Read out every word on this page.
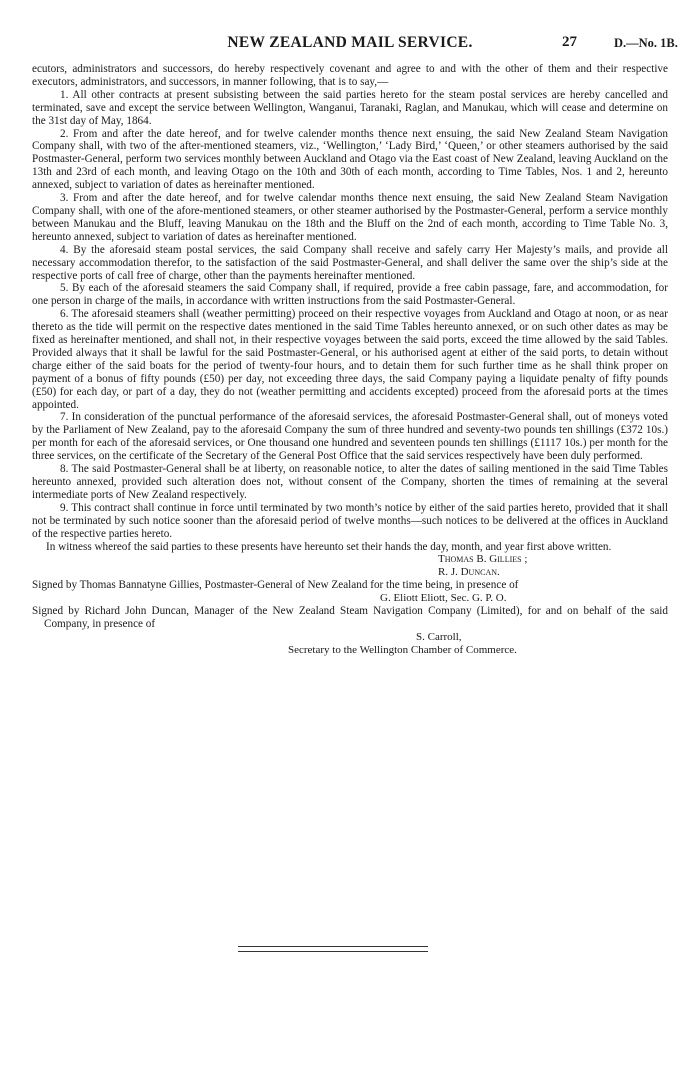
NEW ZEALAND MAIL SERVICE.	27	D.—No. 1B.

ecutors, administrators and successors, do hereby respectively covenant and agree to and with the other of them and their respective executors, administrators, and successors, in manner following, that is to say,—

1. All other contracts at present subsisting between the said parties hereto for the steam postal services are hereby cancelled and terminated, save and except the service between Wellington, Wanganui, Taranaki, Raglan, and Manukau, which will cease and determine on the 31st day of May, 1864.

2. From and after the date hereof, and for twelve calender months thence next ensuing, the said New Zealand Steam Navigation Company shall, with two of the after-mentioned steamers, viz., ‘Wellington,’ ‘Lady Bird,’ ‘Queen,’ or other steamers authorised by the said Postmaster-General, perform two services monthly between Auckland and Otago via the East coast of New Zealand, leaving Auckland on the 13th and 23rd of each month, and leaving Otago on the 10th and 30th of each month, according to Time Tables, Nos. 1 and 2, hereunto annexed, subject to variation of dates as hereinafter mentioned.

3. From and after the date hereof, and for twelve calendar months thence next ensuing, the said New Zealand Steam Navigation Company shall, with one of the afore-mentioned steamers, or other steamer authorised by the Postmaster-General, perform a service monthly between Manukau and the Bluff, leaving Manukau on the 18th and the Bluff on the 2nd of each month, according to Time Table No. 3, hereunto annexed, subject to variation of dates as hereinafter mentioned.

4. By the aforesaid steam postal services, the said Company shall receive and safely carry Her Majesty’s mails, and provide all necessary accommodation therefor, to the satisfaction of the said Postmaster-General, and shall deliver the same over the ship’s side at the respective ports of call free of charge, other than the payments hereinafter mentioned.

5. By each of the aforesaid steamers the said Company shall, if required, provide a free cabin passage, fare, and accommodation, for one person in charge of the mails, in accordance with written instructions from the said Postmaster-General.

6. The aforesaid steamers shall (weather permitting) proceed on their respective voyages from Auckland and Otago at noon, or as near thereto as the tide will permit on the respective dates mentioned in the said Time Tables hereunto annexed, or on such other dates as may be fixed as hereinafter mentioned, and shall not, in their respective voyages between the said ports, exceed the time allowed by the said Tables. Provided always that it shall be lawful for the said Postmaster-General, or his authorised agent at either of the said ports, to detain without charge either of the said boats for the period of twenty-four hours, and to detain them for such further time as he shall think proper on payment of a bonus of fifty pounds (£50) per day, not exceeding three days, the said Company paying a liquidate penalty of fifty pounds (£50) for each day, or part of a day, they do not (weather permitting and accidents excepted) proceed from the aforesaid ports at the times appointed.

7. In consideration of the punctual performance of the aforesaid services, the aforesaid Postmaster-General shall, out of moneys voted by the Parliament of New Zealand, pay to the aforesaid Company the sum of three hundred and seventy-two pounds ten shillings (£372 10s.) per month for each of the aforesaid services, or One thousand one hundred and seventeen pounds ten shillings (£1117 10s.) per month for the three services, on the certificate of the Secretary of the General Post Office that the said services respectively have been duly performed.

8. The said Postmaster-General shall be at liberty, on reasonable notice, to alter the dates of sailing mentioned in the said Time Tables hereunto annexed, provided such alteration does not, without consent of the Company, shorten the times of remaining at the several intermediate ports of New Zealand respectively.

9. This contract shall continue in force until terminated by two month’s notice by either of the said parties hereto, provided that it shall not be terminated by such notice sooner than the aforesaid period of twelve months—such notices to be delivered at the offices in Auckland of the respective parties hereto.

In witness whereof the said parties to these presents have hereunto set their hands the day, month, and year first above written.

Thomas B. Gillies ;
R. J. Duncan.

Signed by Thomas Bannatyne Gillies, Postmaster-General of New Zealand for the time being, in presence of

G. Eliott Eliott, Sec. G. P. O.

Signed by Richard John Duncan, Manager of the New Zealand Steam Navigation Company (Limited), for and on behalf of the said Company, in presence of

S. Carroll,
Secretary to the Wellington Chamber of Commerce.
